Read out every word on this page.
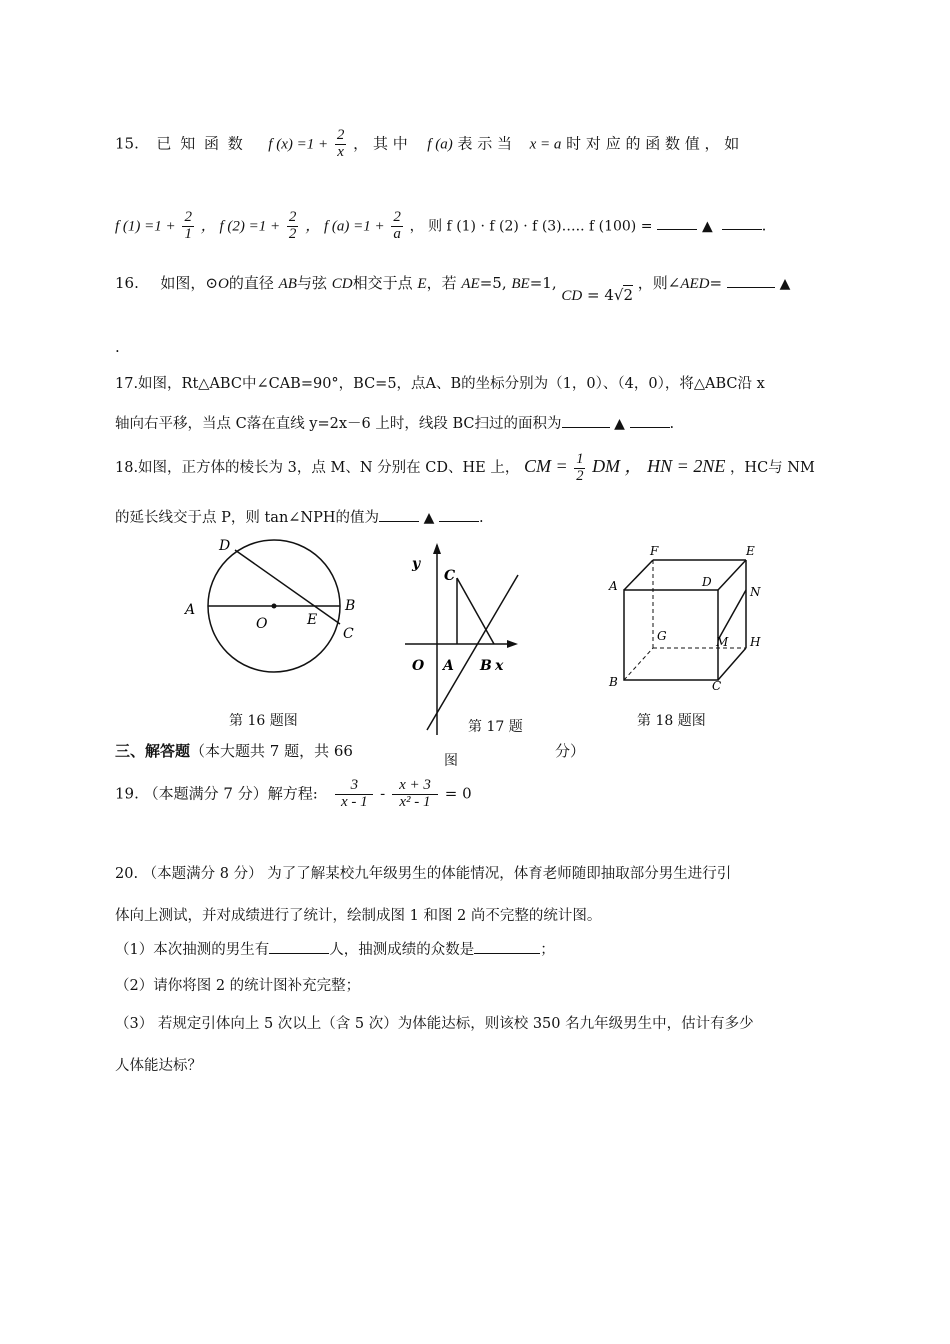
15. 已 知 函 数 f $(x) =1 + \frac{2}{x}$ ， 其 中 f (a) 表 示 当 x = a 时 对 应 的 函 数 值 ， 如
f $(1) =1 + \frac{2}{1}$ ， f $(2) =1 + \frac{2}{2}$ ， f $(a) =1 + \frac{2}{a}$ ， 则 f (1) · f (2) · f (3)….. f (100) =	▲	.
16. 如图，⊙O的直径 AB与弦 CD相交于点 E，若 AE=5, BE=1, CD = 4√2 ，则∠AED=	▲
.
17.如图，Rt△ABC中∠CAB=90°，BC=5，点A、B的坐标分别为（1，0）、（4，0），将△ABC沿 x
轴向右平移，当点 C落在直线 y=2x－6 上时，线段 BC扫过的面积为	▲	.
18.如图，正方体的棱长为 3，点 M、N 分别在 CD、HE 上， CM = $\frac{1}{2}$ DM ， HN = 2NE ，HC与 NM
的延长线交于点 P，则 tan∠NPH的值为	▲	.
D
A
O	E
B
C
第 16 题图
y
C
O A B x
第 17 题
图
F	E
A	D
N
G	M H
B	C
第 18 题图
三、解答题（本大题共 7 题，共 66	分）
19. （本题满分 7 分）解方程: $\frac{3}{x - 1} - \frac{x + 3}{\text{x² - 1}} = 0$
20. （本题满分 8 分） 为了了解某校九年级男生的体能情况，体育老师随即抽取部分男生进行引
体向上测试，并对成绩进行了统计，绘制成图 1 和图 2 尚不完整的统计图。
（1）本次抽测的男生有	人，抽测成绩的众数是	；
（2）请你将图 2 的统计图补充完整；
（3） 若规定引体向上 5 次以上（含 5 次）为体能达标，则该校 350 名九年级男生中，估计有多少
人体能达标？
